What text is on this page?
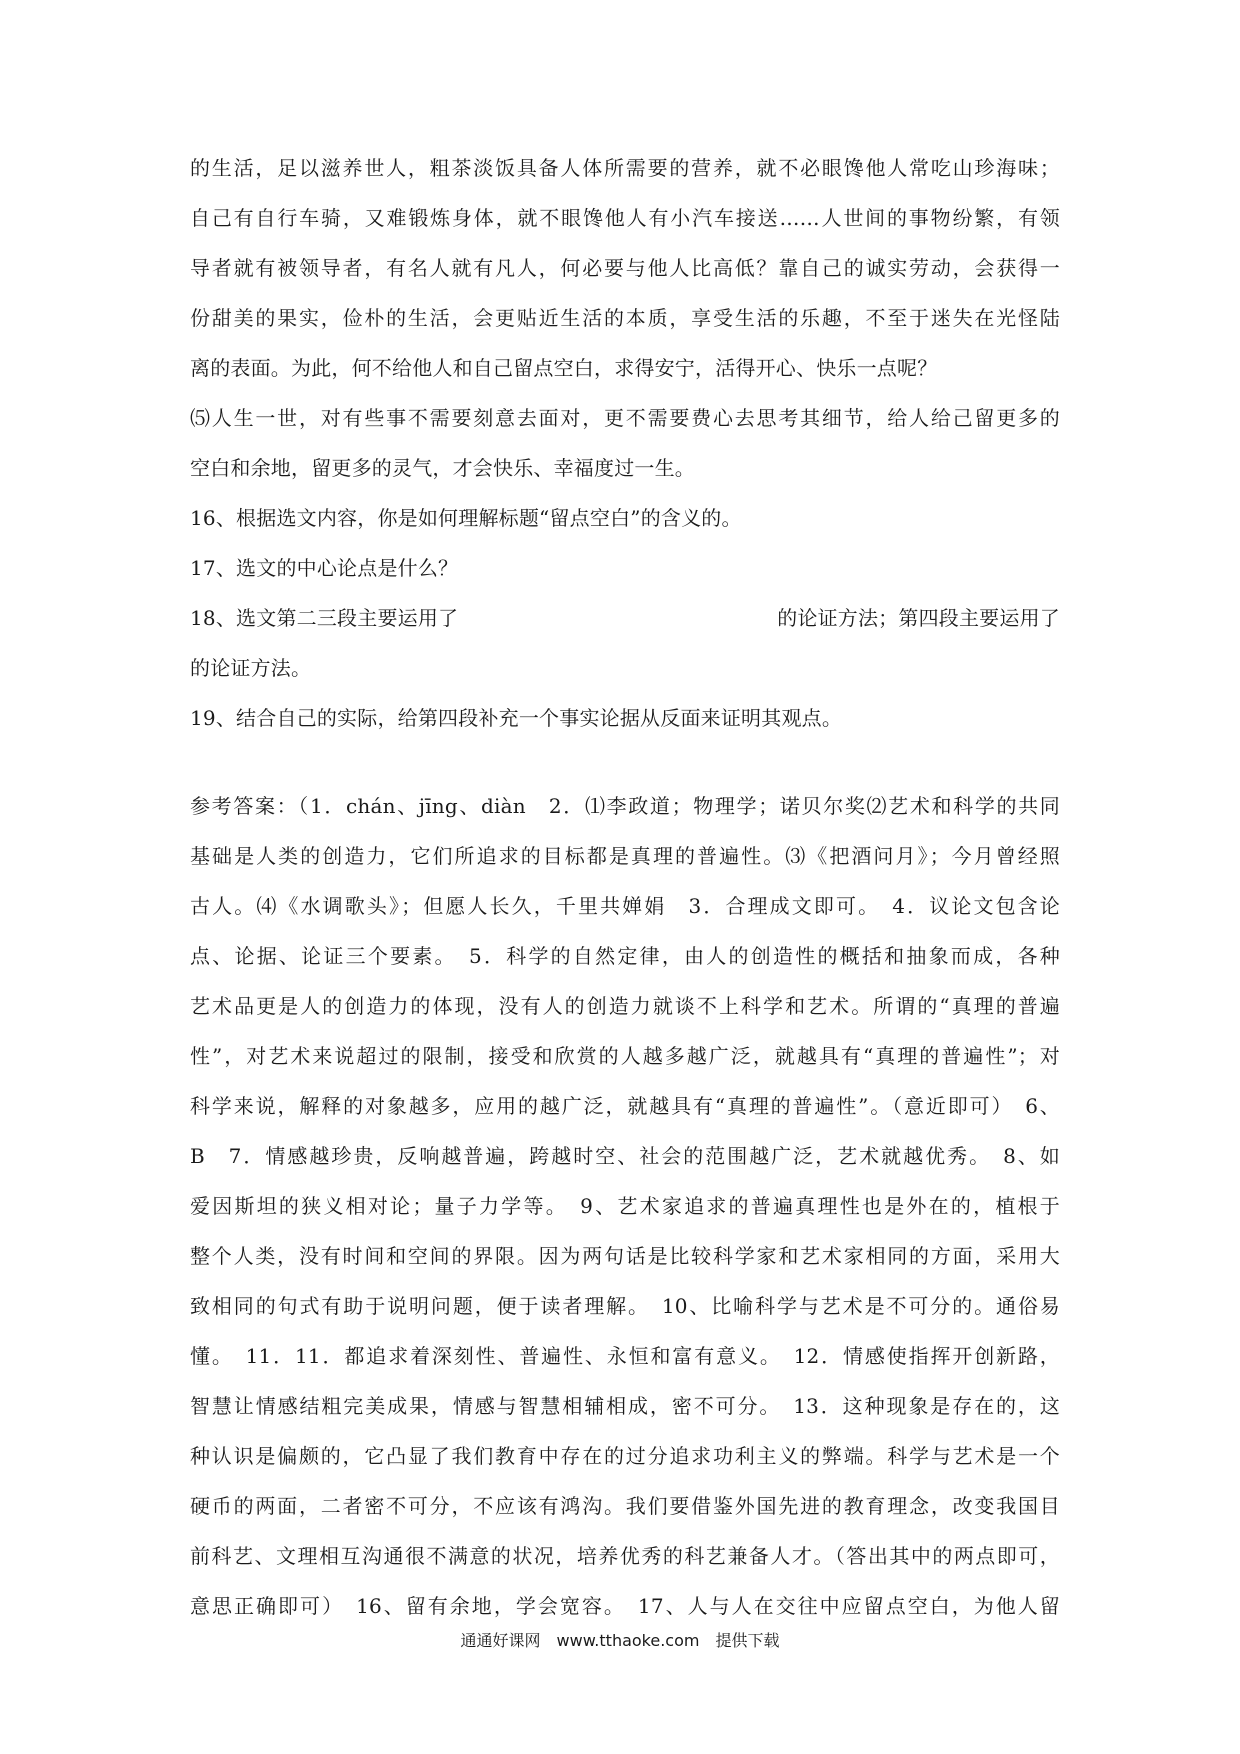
的生活，足以滋养世人，粗茶淡饭具备人体所需要的营养，就不必眼馋他人常吃山珍海味；
自己有自行车骑，又难锻炼身体，就不眼馋他人有小汽车接送……人世间的事物纷繁，有领
导者就有被领导者，有名人就有凡人，何必要与他人比高低？靠自己的诚实劳动，会获得一
份甜美的果实，俭朴的生活，会更贴近生活的本质，享受生活的乐趣，不至于迷失在光怪陆
离的表面。为此，何不给他人和自己留点空白，求得安宁，活得开心、快乐一点呢？
⑸人生一世，对有些事不需要刻意去面对，更不需要费心去思考其细节，给人给己留更多的
空白和余地，留更多的灵气，才会快乐、幸福度过一生。
16、根据选文内容，你是如何理解标题“留点空白”的含义的。
17、选文的中心论点是什么？
18、选文第二三段主要运用了	的论证方法；第四段主要运用了
的论证方法。
19、结合自己的实际，给第四段补充一个事实论据从反面来证明其观点。
参考答案：（1．chán、jīng、diàn　2．⑴李政道；物理学；诺贝尔奖⑵艺术和科学的共同
基础是人类的创造力，它们所追求的目标都是真理的普遍性。⑶《把酒问月》；今月曾经照
古人。⑷《水调歌头》；但愿人长久，千里共婵娟　3．合理成文即可。　4．议论文包含论
点、论据、论证三个要素。　5．科学的自然定律，由人的创造性的概括和抽象而成，各种
艺术品更是人的创造力的体现，没有人的创造力就谈不上科学和艺术。所谓的“真理的普遍
性”，对艺术来说超过的限制，接受和欣赏的人越多越广泛，就越具有“真理的普遍性”；对
科学来说，解释的对象越多，应用的越广泛，就越具有“真理的普遍性”。（意近即可）　6、
B　7．情感越珍贵，反响越普遍，跨越时空、社会的范围越广泛，艺术就越优秀。　8、如
爱因斯坦的狭义相对论；量子力学等。　9、艺术家追求的普遍真理性也是外在的，植根于
整个人类，没有时间和空间的界限。因为两句话是比较科学家和艺术家相同的方面，采用大
致相同的句式有助于说明问题，便于读者理解。　10、比喻科学与艺术是不可分的。通俗易
懂。　11．11．都追求着深刻性、普遍性、永恒和富有意义。　12．情感使指挥开创新路，
智慧让情感结粗完美成果，情感与智慧相辅相成，密不可分。　13．这种现象是存在的，这
种认识是偏颇的，它凸显了我们教育中存在的过分追求功利主义的弊端。科学与艺术是一个
硬币的两面，二者密不可分，不应该有鸿沟。我们要借鉴外国先进的教育理念，改变我国目
前科艺、文理相互沟通很不满意的状况，培养优秀的科艺兼备人才。（答出其中的两点即可，
意思正确即可）　16、留有余地，学会宽容。　17、人与人在交往中应留点空白，为他人留
通通好课网　www.tthaoke.com　提供下载
